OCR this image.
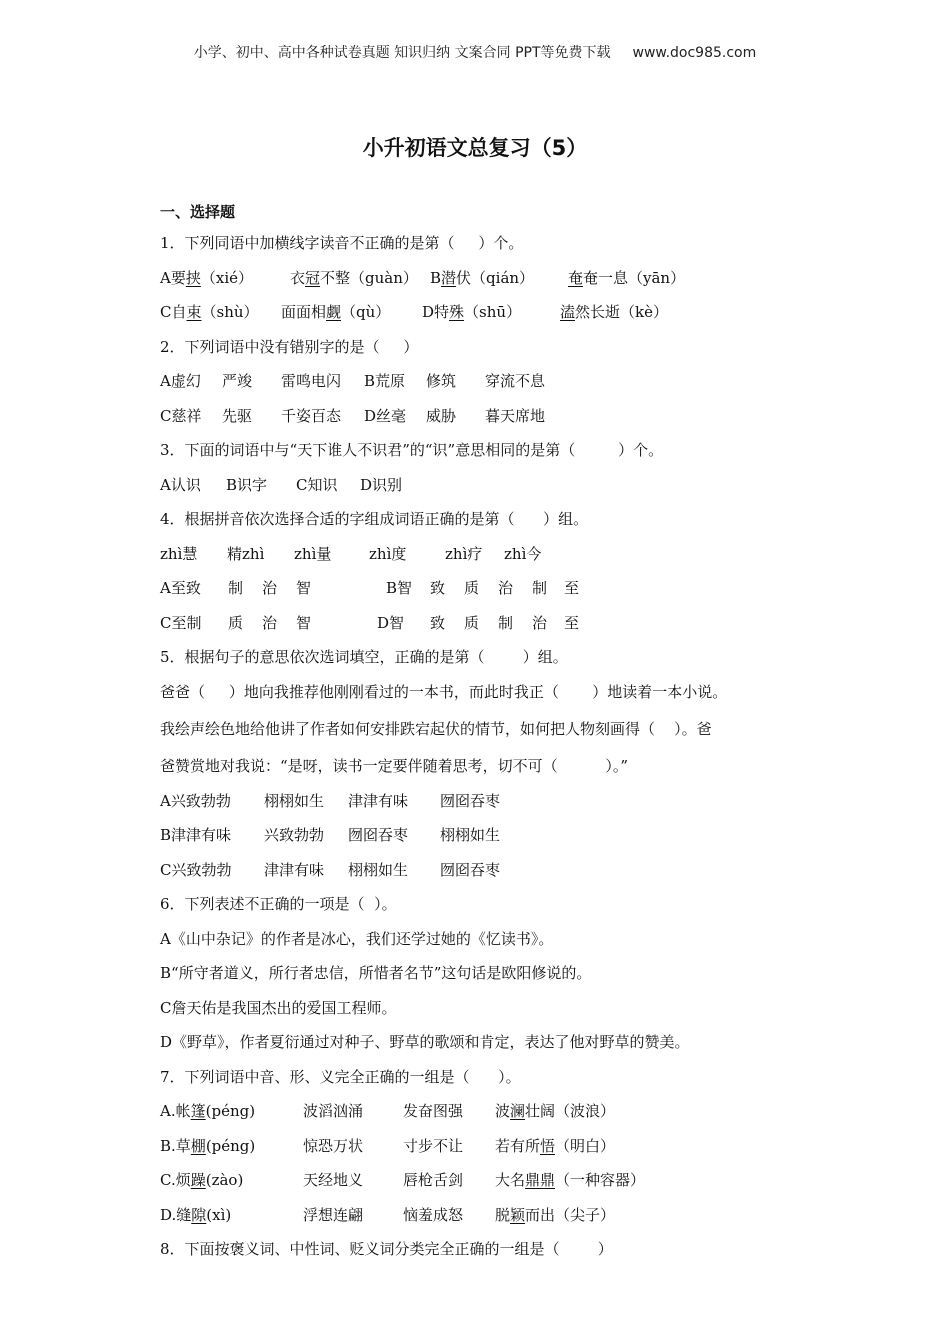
小学、初中、高中各种试卷真题 知识归纳 文案合同 PPT等免费下载 www.doc985.com
小升初语文总复习（5）
一、选择题
1．下列同语中加横线字读音不正确的是第（     ）个。
A要挟（xié） 衣冠不整（guàn） B潜伏（qián） 奄奄一息（yān）
C自束（shù） 面面相觑（qù） D特殊（shū）	溘然长逝（kè）
2．下列词语中没有错别字的是（     ）
A虚幻 严竣 雷鸣电闪 B荒原 修筑 穿流不息
C慈祥 先驱 千姿百态 D丝毫 威胁 暮天席地
3．下面的词语中与“天下谁人不识君”的“识”意思相同的是第（         ）个。
A认识 B识字 C知识 D识别
4．根据拼音依次选择合适的字组成词语正确的是第（      ）组。
zhì慧 精zhì zhì量	zhì度	zhì疗 zhì今
A至致 制 治 智	B智 致 质 治 制 至
C至制 质 治 智	D智 致 质 制 治 至
5．根据句子的意思依次选词填空，正确的是第（        ）组。
爸爸（     ）地向我推荐他刚刚看过的一本书，而此时我正（       ）地读着一本小说。
我绘声绘色地给他讲了作者如何安排跌宕起伏的情节，如何把人物刻画得（    ）。爸
爸赞赏地对我说：“是呀，读书一定要伴随着思考，切不可（          ）。”
A兴致勃勃 栩栩如生 津津有味 囫囵吞枣
B津津有味 兴致勃勃 囫囵吞枣 栩栩如生
C兴致勃勃 津津有味 栩栩如生 囫囵吞枣
6．下列表述不正确的一项是（  ）。
A《山中杂记》的作者是冰心，我们还学过她的《忆读书》。
B“所守者道义，所行者忠信，所惜者名节”这句话是欧阳修说的。
C詹天佑是我国杰出的爱国工程师。
D《野草》，作者夏衍通过对种子、野草的歌颂和肯定，表达了他对野草的赞美。
7．下列词语中音、形、义完全正确的一组是（      ）。
A.帐篷(péng)	波滔汹涌	发奋图强 波澜壮阔（波浪）
B.草棚(péng)	惊恐万状	寸步不让 若有所悟（明白）
C.烦躁(zào)	天经地义	唇枪舌剑 大名鼎鼎（一种容器）
D.缝隙(xì)	浮想连翩	恼羞成怒 脱颖而出（尖子）
8．下面按褒义词、中性词、贬义词分类完全正确的一组是（        ）
